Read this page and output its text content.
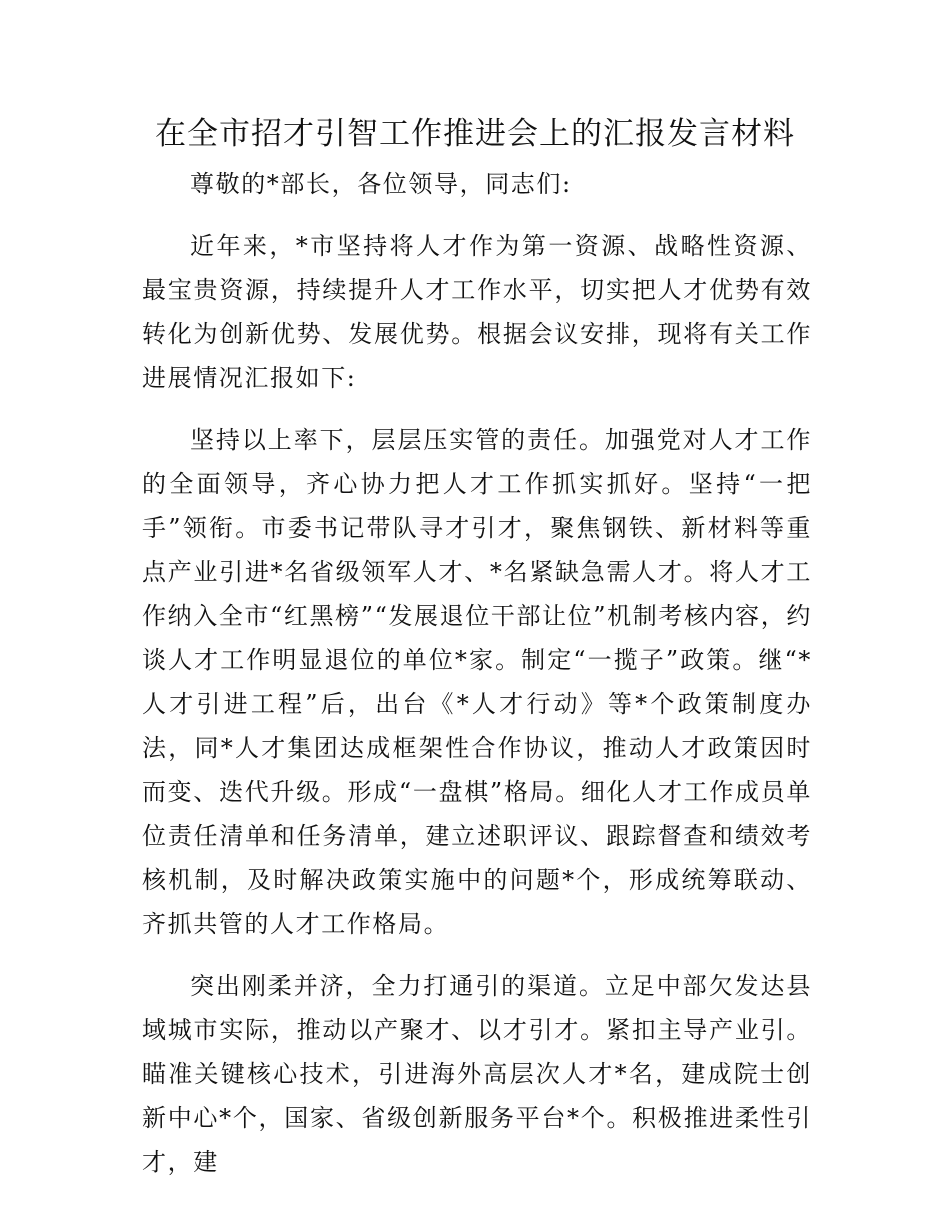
在全市招才引智工作推进会上的汇报发言材料

尊敬的*部长，各位领导，同志们:

近年来，*市坚持将人才作为第一资源、战略性资源、最宝贵资源，持续提升人才工作水平，切实把人才优势有效转化为创新优势、发展优势。根据会议安排，现将有关工作进展情况汇报如下:

坚持以上率下，层层压实管的责任。加强党对人才工作的全面领导，齐心协力把人才工作抓实抓好。坚持“一把手”领衔。市委书记带队寻才引才，聚焦钢铁、新材料等重点产业引进*名省级领军人才、*名紧缺急需人才。将人才工作纳入全市“红黑榜”“发展退位干部让位”机制考核内容，约谈人才工作明显退位的单位*家。制定“一揽子”政策。继“*人才引进工程”后，出台《*人才行动》等*个政策制度办法，同*人才集团达成框架性合作协议，推动人才政策因时而变、迭代升级。形成“一盘棋”格局。细化人才工作成员单位责任清单和任务清单，建立述职评议、跟踪督查和绩效考核机制，及时解决政策实施中的问题*个，形成统筹联动、齐抓共管的人才工作格局。

突出刚柔并济，全力打通引的渠道。立足中部欠发达县域城市实际，推动以产聚才、以才引才。紧扣主导产业引。瞄准关键核心技术，引进海外高层次人才*名，建成院士创新中心*个，国家、省级创新服务平台*个。积极推进柔性引才，建
